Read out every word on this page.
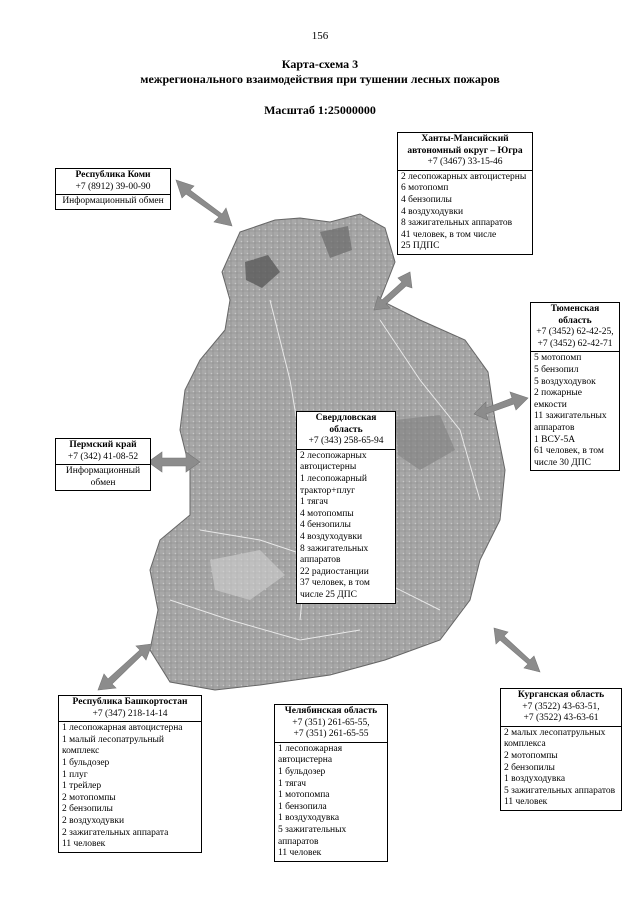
156
Карта-схема 3
межрегионального взаимодействия при тушении лесных пожаров
Масштаб 1:25000000
Республика Коми
+7 (8912) 39-00-90
Информационный обмен
Ханты-Мансийский автономный округ – Югра
+7 (3467) 33-15-46
2 лесопожарных автоцистерны
6 мотопомп
4 бензопилы
4 воздуходувки
8 зажигательных аппаратов
41 человек, в том числе
25 ПДПС
Тюменская область
+7 (3452) 62-42-25,
+7 (3452) 62-42-71
5 мотопомп
5 бензопил
5 воздуходувок
2 пожарные емкости
11 зажигательных аппаратов
1 ВСУ-5А
61 человек, в том числе 30 ДПС
Свердловская область
+7 (343) 258-65-94
2 лесопожарных автоцистерны
1 лесопожарный трактор+плуг
1 тягач
4 мотопомпы
4 бензопилы
4 воздуходувки
8 зажигательных аппаратов
22 радиостанции
37 человек, в том числе 25 ДПС
Пермский край
+7 (342) 41-08-52
Информационный обмен
Республика Башкортостан
+7 (347) 218-14-14
1 лесопожарная автоцистерна
1 малый лесопатрульный комплекс
1 бульдозер
1 плуг
1 трейлер
2 мотопомпы
2 бензопилы
2 воздуходувки
2 зажигательных аппарата
11 человек
Челябинская область
+7 (351) 261-65-55,
+7 (351) 261-65-55
1 лесопожарная автоцистерна
1 бульдозер
1 тягач
1 мотопомпа
1 бензопила
1 воздуходувка
5 зажигательных аппаратов
11 человек
Курганская область
+7 (3522) 43-63-51,
+7 (3522) 43-63-61
2 малых лесопатрульных комплекса
2 мотопомпы
2 бензопилы
1 воздуходувка
5 зажигательных аппаратов
11 человек
